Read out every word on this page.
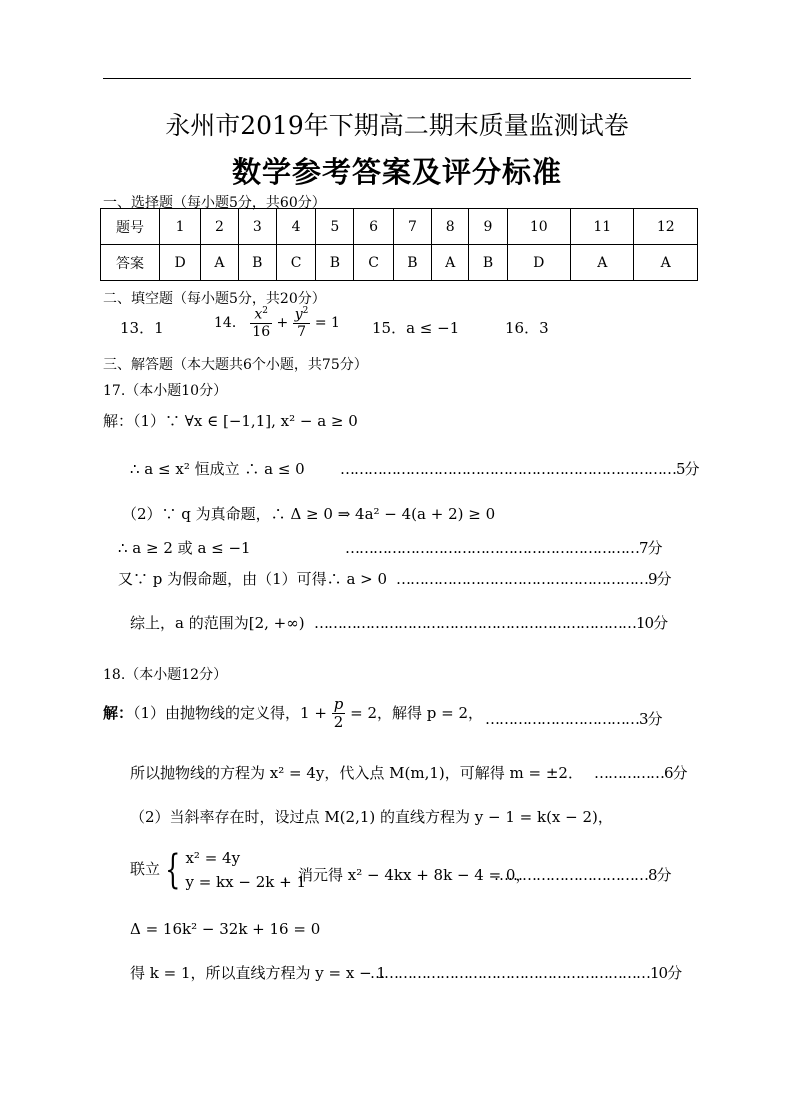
永州市2019年下期高二期末质量监测试卷
数学参考答案及评分标准
一、选择题（每小题5分，共60分）
题号	1	2	3	4	5	6	7	8	9	10	11	12
答案	D	A	B	C	B	C	B	A	B	D	A	A
二、填空题（每小题5分，共20分）
13．1	14． $\frac{x^2}{16} + \frac{y^2}{7} = 1$ 15．a ≤ −1	16．3
三、解答题（本大题共6个小题，共75分）
17.（本小题10分）
解：（1）∵ ∀x ∈ [−1,1], x² − a ≥ 0
∴ a ≤ x² 恒成立 ∴ a ≤ 0 ………………………………………………………………5分
（2）∵ q 为真命题，∴ Δ ≥ 0 ⇒ 4a² − 4(a + 2) ≥ 0
∴ a ≥ 2 或 a ≤ −1	………………………………………………………7分
又∵ p 为假命题，由（1）可得∴ a > 0 ………………………………………………9分
综上，a 的范围为[2, +∞) ……………………………………………………………10分
18.（本小题12分）
解：（1）由抛物线的定义得，$1 + \frac{p}{2} = 2$，解得 p = 2， ……………………………3分
所以抛物线的方程为 x² = 4y，代入点 M(m,1)，可解得 m = ±2． ……………6分
（2）当斜率存在时，设过点 M(2,1) 的直线方程为 y − 1 = k(x − 2)，
联立 { x² = 4y
y = kx − 2k + 1
，消元得 x² − 4kx + 8k − 4 = 0，
……………………………8分
Δ = 16k² − 32k + 16 = 0
得 k = 1，所以直线方程为 y = x − 1
……………………………………………………10分
